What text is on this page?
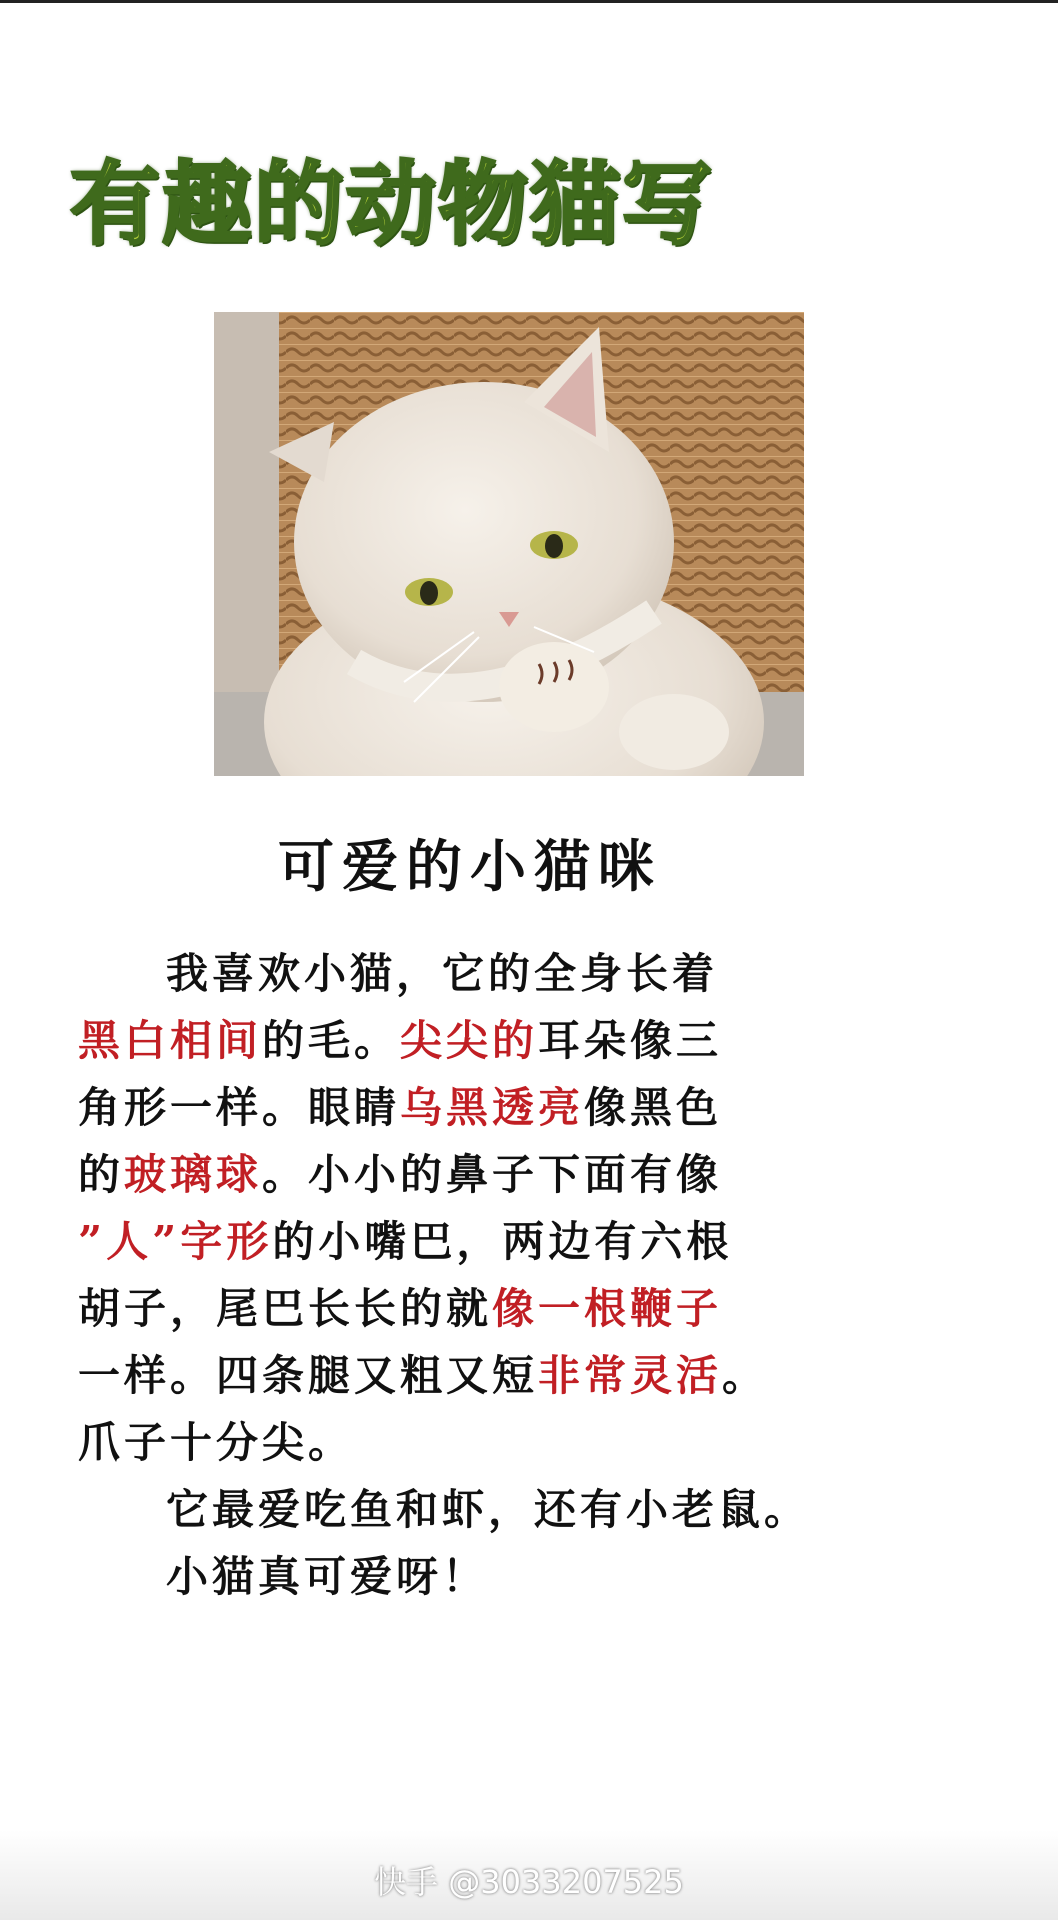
有趣的动物猫写
可爱的小猫咪
我喜欢小猫，它的全身长着
黑白相间的毛。尖尖的耳朵像三
角形一样。眼睛乌黑透亮像黑色
的玻璃球。小小的鼻子下面有像
”人”字形的小嘴巴，两边有六根
胡子，尾巴长长的就像一根鞭子
一样。四条腿又粗又短非常灵活。
爪子十分尖。
它最爱吃鱼和虾，还有小老鼠。
小猫真可爱呀！
快手 @3033207525
